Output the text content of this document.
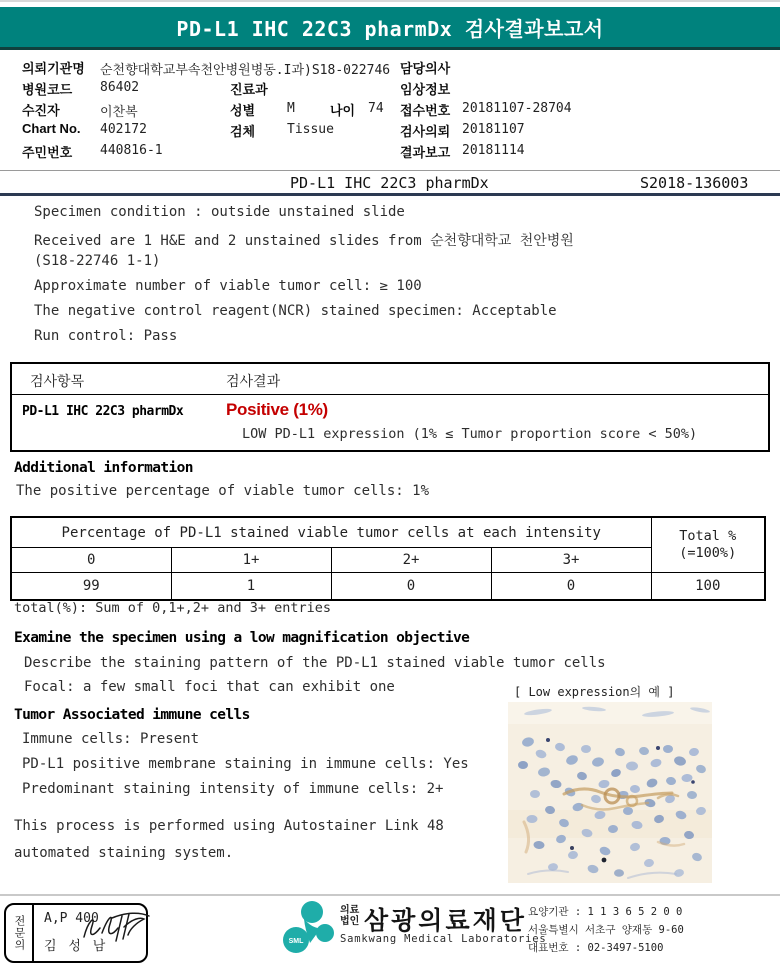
PD-L1 IHC 22C3 pharmDx 검사결과보고서
의뢰기관명 순천향대학교부속천안병원병동.I과)S18-022746
병원코드 86402
수진자	이찬복
Chart No. 402172
주민번호 440816-1
진료과
성별 M	나이 74
검체 Tissue
담당의사
임상정보
접수번호 20181107-28704
검사의뢰 20181107
결과보고 20181114
PD-L1 IHC 22C3 pharmDx	S2018-136003
Specimen condition : outside unstained slide
Received are 1 H&E and 2 unstained slides from 순천향대학교 천안병원
(S18-22746 1-1)
Approximate number of viable tumor cell: ≥ 100
The negative control reagent(NCR) stained specimen: Acceptable
Run control: Pass
검사항목	검사결과
PD-L1 IHC 22C3 pharmDx	Positive (1%)
LOW PD-L1 expression (1% ≤ Tumor proportion score < 50%)
Additional information
The positive percentage of viable tumor cells: 1%
Percentage of PD-L1 stained viable tumor cells at each intensity				Total %
(=100%)
0	1+	2+	3+	
99	1	0	0	100
total(%): Sum of 0,1+,2+ and 3+ entries
Examine the specimen using a low magnification objective
Describe the staining pattern of the PD-L1 stained viable tumor cells
Focal: a few small foci that can exhibit one	[ Low expression의 예 ]
Tumor Associated immune cells
Immune cells: Present
PD-L1 positive membrane staining in immune cells: Yes
Predominant staining intensity of immune cells: 2+
This process is performed using Autostainer Link 48
automated staining system.
전문의	A,P 400
김 성 남	SML
의료
법인 삼광의료재단
Samkwang Medical Laboratories
요양기관 : 1 1 3 6 5 2 0 0
서울특별시 서초구 양재동 9-60
대표번호 : 02-3497-5100
